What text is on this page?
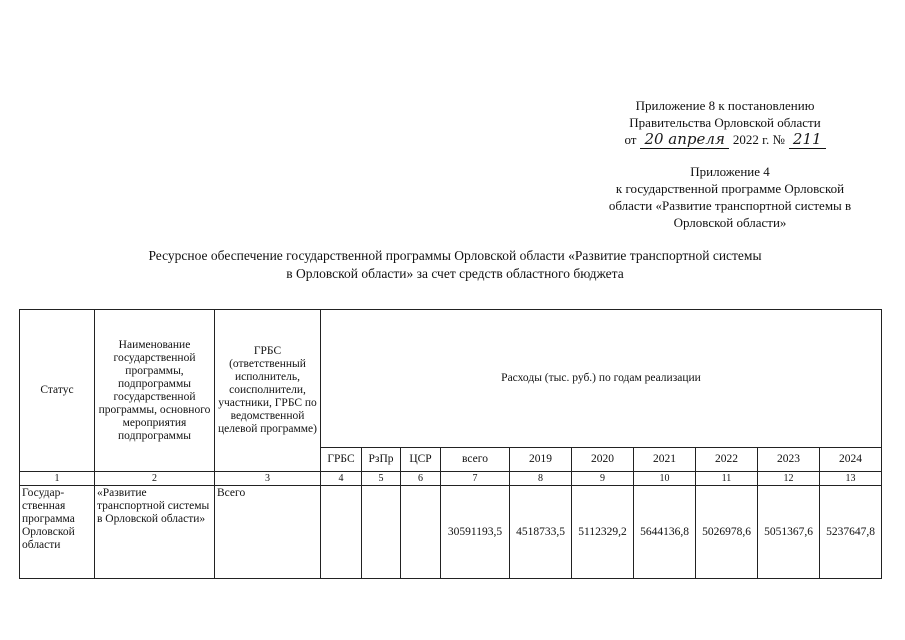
Приложение 8 к постановлению
Правительства Орловской области
от 20 апреля 2022 г. № 211
Приложение 4
к государственной программе Орловской
области «Развитие транспортной системы в
Орловской области»
Ресурсное обеспечение государственной программы Орловской области «Развитие транспортной системы
в Орловской области» за счет средств областного бюджета
Статус	Наименование государственной программы, подпрограммы государственной программы, основного мероприятия подпрограммы	ГРБС (ответственный исполнитель, соисполнители, участники, ГРБС по ведомственной целевой программе)	Расходы (тыс. руб.) по годам реализации									
			ГРБС	РзПр	ЦСР	всего	2019	2020	2021	2022	2023	2024
1	2	3	4	5	6	7	8	9	10	11	12	13
Государ-ственная программа Орловской области	«Развитие транспортной системы в Орловской области»	Всего				30591193,5	4518733,5	5112329,2	5644136,8	5026978,6	5051367,6	5237647,8
